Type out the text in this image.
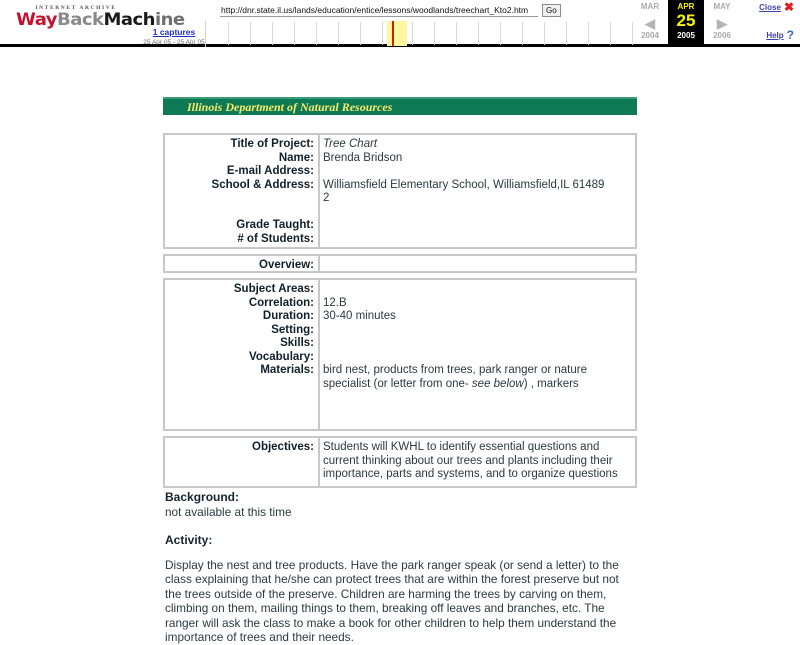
INTERNET ARCHIVE
WayBackMachine
1 captures
25 Apr 05 - 25 Apr 05
http://dnr.state.il.us/lands/education/entice/lessons/woodlands/treechart_Kto2.htm
Go	MAR
◀
2004
APR
25
2005
MAY
▶
2006
Close ✖
Help ?
Illinois Department of Natural Resources
Title of Project:
Name:
E-mail Address:
School & Address:
Grade Taught:
# of Students:
Tree Chart
Brenda Bridson
Williamsfield Elementary School, Williamsfield,IL 61489
2
Overview:
Subject Areas:
Correlation:
Duration:
Setting:
Skills:
Vocabulary:
Materials:
12.B
30-40 minutes
bird nest, products from trees, park ranger or nature
specialist (or letter from one- see below) , markers
Objectives: Students will KWHL to identify essential questions and
current thinking about our trees and plants including their
importance, parts and systems, and to organize questions
Background:
not available at this time
Activity:
Display the nest and tree products. Have the park ranger speak (or send a letter) to the
class explaining that he/she can protect trees that are within the forest preserve but not
the trees outside of the preserve. Children are harming the trees by carving on them,
climbing on them, mailing things to them, breaking off leaves and branches, etc. The
ranger will ask the class to make a book for other children to help them understand the
importance of trees and their needs.
